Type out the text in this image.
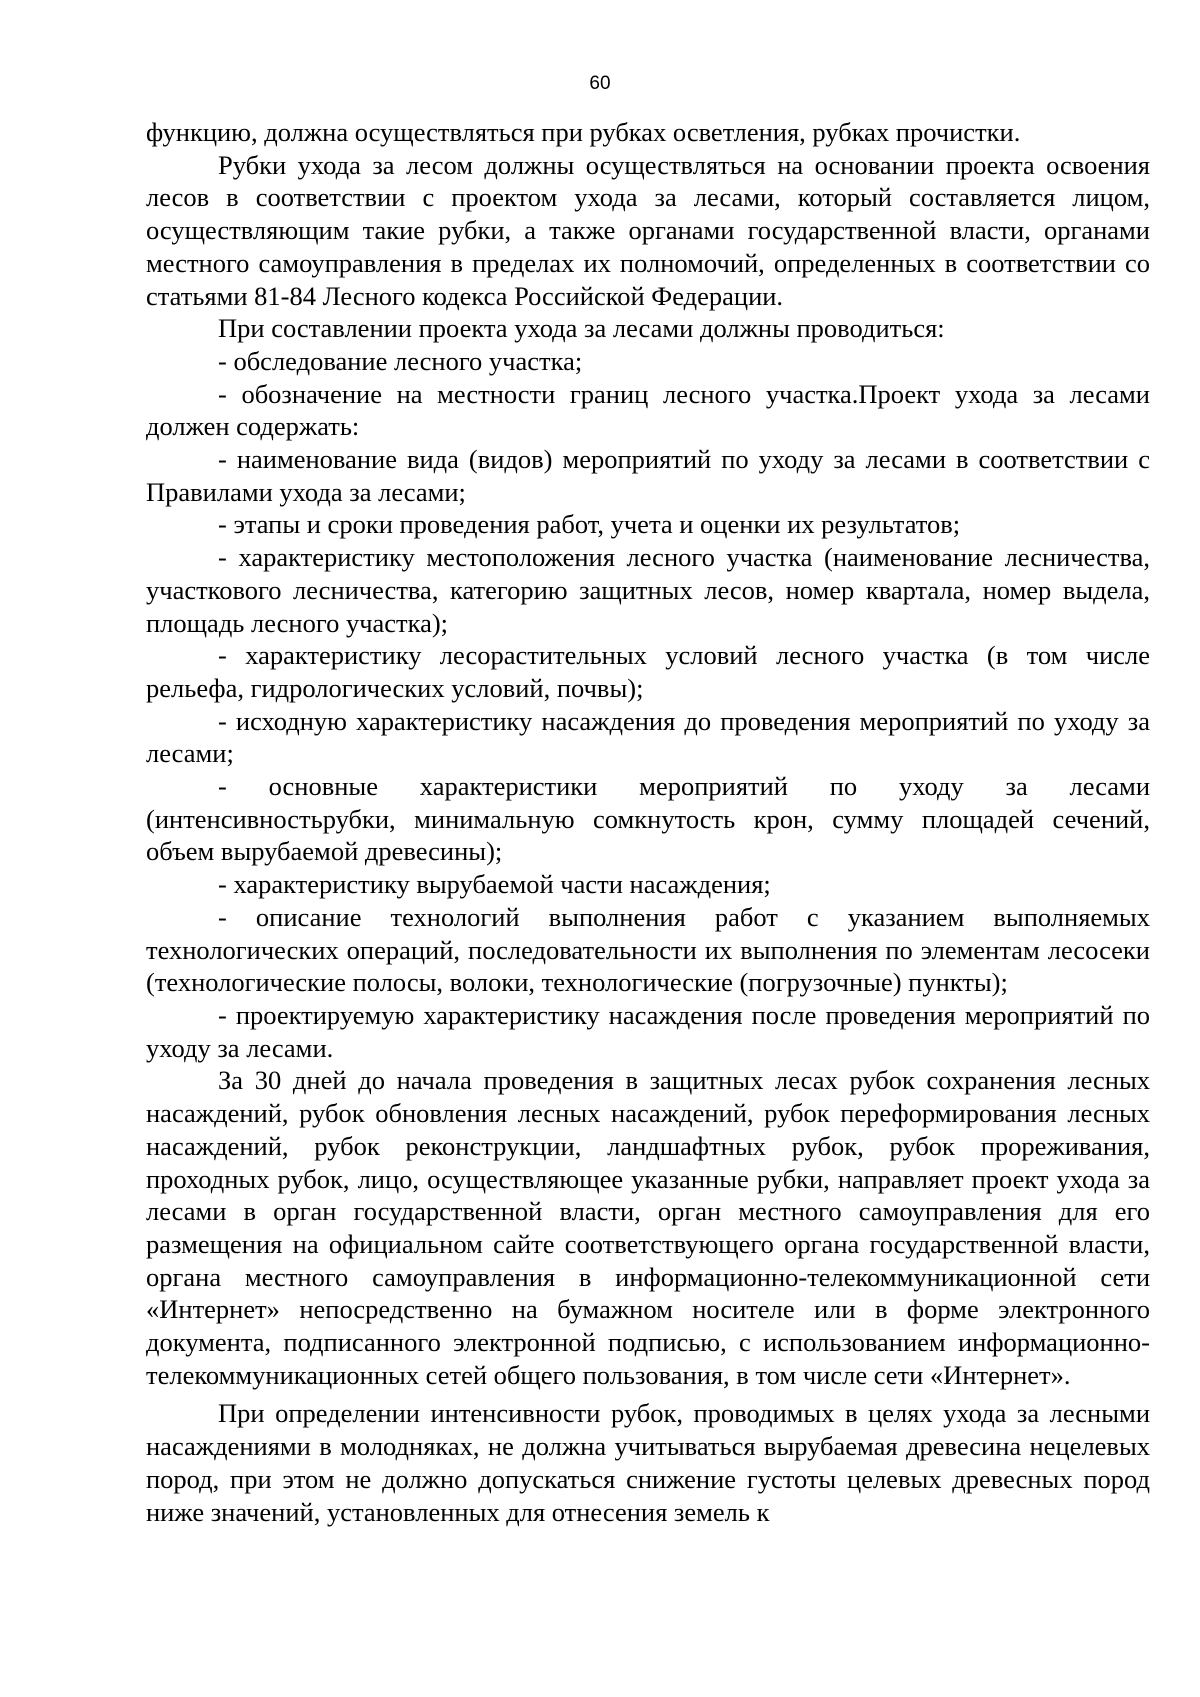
60

функцию, должна осуществляться при рубках осветления, рубках прочистки.

Рубки ухода за лесом должны осуществляться на основании проекта освоения лесов в соответствии с проектом ухода за лесами, который составляется лицом, осуществляющим такие рубки, а также органами государственной власти, органами местного самоуправления в пределах их полномочий, определенных в соответствии со статьями 81-84 Лесного кодекса Российской Федерации.

При составлении проекта ухода за лесами должны проводиться:

- обследование лесного участка;

- обозначение на местности границ лесного участка.Проект ухода за лесами должен содержать:

- наименование вида (видов) мероприятий по уходу за лесами в соответствии с Правилами ухода за лесами;

- этапы и сроки проведения работ, учета и оценки их результатов;

- характеристику местоположения лесного участка (наименование лесничества, участкового лесничества, категорию защитных лесов, номер квартала, номер выдела, площадь лесного участка);

- характеристику лесорастительных условий лесного участка (в том числе рельефа, гидрологических условий, почвы);

- исходную характеристику насаждения до проведения мероприятий по уходу за лесами;

- основные характеристики мероприятий по уходу за лесами (интенсивностьрубки, минимальную сомкнутость крон, сумму площадей сечений, объем вырубаемой древесины);

- характеристику вырубаемой части насаждения;

- описание технологий выполнения работ с указанием выполняемых технологических операций, последовательности их выполнения по элементам лесосеки (технологические полосы, волоки, технологические (погрузочные) пункты);

- проектируемую характеристику насаждения после проведения мероприятий по уходу за лесами.

За 30 дней до начала проведения в защитных лесах рубок сохранения лесных насаждений, рубок обновления лесных насаждений, рубок переформирования лесных насаждений, рубок реконструкции, ландшафтных рубок, рубок прореживания, проходных рубок, лицо, осуществляющее указанные рубки, направляет проект ухода за лесами в орган государственной власти, орган местного самоуправления для его размещения на официальном сайте соответствующего органа государственной власти, органа местного самоуправления в информационно-телекоммуникационной сети «Интернет» непосредственно на бумажном носителе или в форме электронного документа, подписанного электронной подписью, с использованием информационно-телекоммуникационных сетей общего пользования, в том числе сети «Интернет».

При определении интенсивности рубок, проводимых в целях ухода за лесными насаждениями в молодняках, не должна учитываться вырубаемая древесина нецелевых пород, при этом не должно допускаться снижение густоты целевых древесных пород ниже значений, установленных для отнесения земель к
